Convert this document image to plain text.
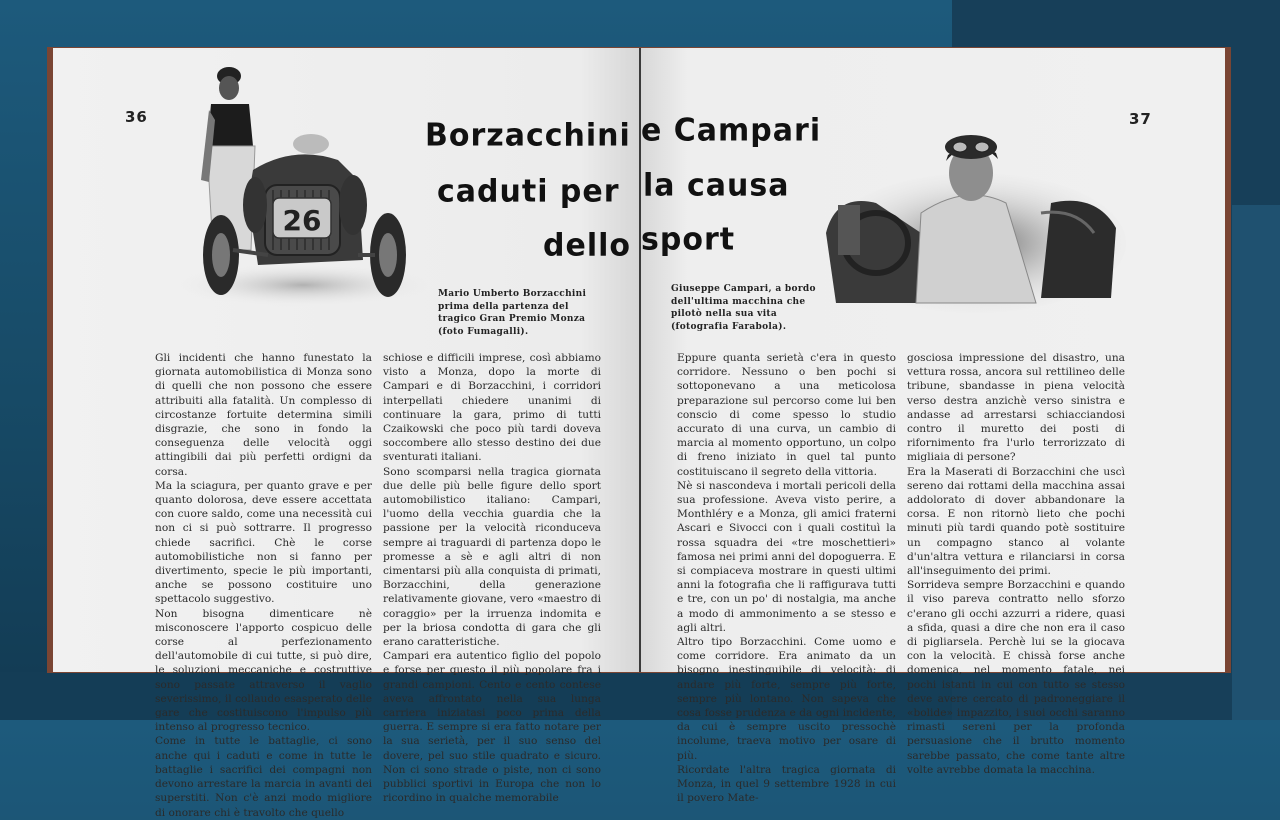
36
26
Borzacchini
caduti per
dello
Mario Umberto Borzacchini prima della partenza del tragico Gran Premio Monza (foto Fumagalli).

Gli incidenti che hanno funestato la giornata automobilistica di Monza sono di quelli che non possono che essere attribuiti alla fatalità. Un complesso di circostanze fortuite determina simili disgrazie, che sono in fondo la conseguenza delle velocità oggi attingibili dai più perfetti ordigni da corsa.

Ma la sciagura, per quanto grave e per quanto dolorosa, deve essere accettata con cuore saldo, come una necessità cui non ci si può sottrarre. Il progresso chiede sacrifici. Chè le corse automobilistiche non si fanno per divertimento, specie le più importanti, anche se possono costituire uno spettacolo suggestivo.

Non bisogna dimenticare nè misconoscere l'apporto cospicuo delle corse al perfezionamento dell'automobile di cui tutte, si può dire, le soluzioni meccaniche e costruttive sono passate attraverso il vaglio severissimo, il collaudo esasperato delle gare che costituiscono l'impulso più intenso al progresso tecnico.

Come in tutte le battaglie, ci sono anche qui i caduti e come in tutte le battaglie i sacrifici dei compagni non devono arrestare la marcia in avanti dei superstiti. Non c'è anzi modo migliore di onorare chi è travolto che quello

schiose e difficili imprese, così abbiamo visto a Monza, dopo la morte di Campari e di Borzacchini, i corridori interpellati chiedere unanimi di continuare la gara, primo di tutti Czaikowski che poco più tardi doveva soccombere allo stesso destino dei due sventurati italiani.

Sono scomparsi nella tragica giornata due delle più belle figure dello sport automobilistico italiano: Campari, l'uomo della vecchia guardia che la passione per la velocità riconduceva sempre ai traguardi di partenza dopo le promesse a sè e agli altri di non cimentarsi più alla conquista di primati, Borzacchini, della generazione relativamente giovane, vero «maestro di coraggio» per la irruenza indomita e per la briosa condotta di gara che gli erano caratteristiche.

Campari era autentico figlio del popolo e forse per questo il più popolare fra i grandi campioni. Cento e cento contese aveva affrontato nella sua lunga carriera iniziatasi poco prima della guerra. E sempre si era fatto notare per la sua serietà, per il suo senso del dovere, pel suo stile quadrato e sicuro. Non ci sono strade o piste, non ci sono pubblici sportivi in Europa che non lo ricordino in qualche memorabile

37
e Campari
la causa
sport
Giuseppe Campari, a bordo dell'ultima macchina che pilotò nella sua vita (fotografia Farabola).

Eppure quanta serietà c'era in questo corridore. Nessuno o ben pochi si sottoponevano a una meticolosa preparazione sul percorso come lui ben conscio di come spesso lo studio accurato di una curva, un cambio di marcia al momento opportuno, un colpo di freno iniziato in quel tal punto costituiscano il segreto della vittoria.

Nè si nascondeva i mortali pericoli della sua professione. Aveva visto perire, a Monthléry e a Monza, gli amici fraterni Ascari e Sivocci con i quali costituì la rossa squadra dei «tre moschettieri» famosa nei primi anni del dopoguerra. E si compiaceva mostrare in questi ultimi anni la fotografia che li raffigurava tutti e tre, con un po' di nostalgia, ma anche a modo di ammonimento a se stesso e agli altri.

Altro tipo Borzacchini. Come uomo e come corridore. Era animato da un bisogno inestinguibile di velocità: di andare più forte, sempre più forte, sempre più lontano. Non sapeva che cosa fosse prudenza e da ogni incidente, da cui è sempre uscito pressochè incolume, traeva motivo per osare di più.

Ricordate l'altra tragica giornata di Monza, in quel 9 settembre 1928 in cui il povero Mate-

gosciosa impressione del disastro, una vettura rossa, ancora sul rettilineo delle tribune, sbandasse in piena velocità verso destra anzichè verso sinistra e andasse ad arrestarsi schiacciandosi contro il muretto dei posti di rifornimento fra l'urlo terrorizzato di migliaia di persone?

Era la Maserati di Borzacchini che uscì sereno dai rottami della macchina assai addolorato di dover abbandonare la corsa. E non ritornò lieto che pochi minuti più tardi quando potè sostituire un compagno stanco al volante d'un'altra vettura e rilanciarsi in corsa all'inseguimento dei primi.

Sorrideva sempre Borzacchini e quando il viso pareva contratto nello sforzo c'erano gli occhi azzurri a ridere, quasi a sfida, quasi a dire che non era il caso di pigliarsela. Perchè lui se la giocava con la velocità. E chissà forse anche domenica, nel momento fatale, nei pochi istanti in cui con tutto se stesso deve avere cercato di padroneggiare il «bolide» impazzito, i suoi occhi saranno rimasti sereni per la profonda persuasione che il brutto momento sarebbe passato, che come tante altre volte avrebbe domata la macchina.
